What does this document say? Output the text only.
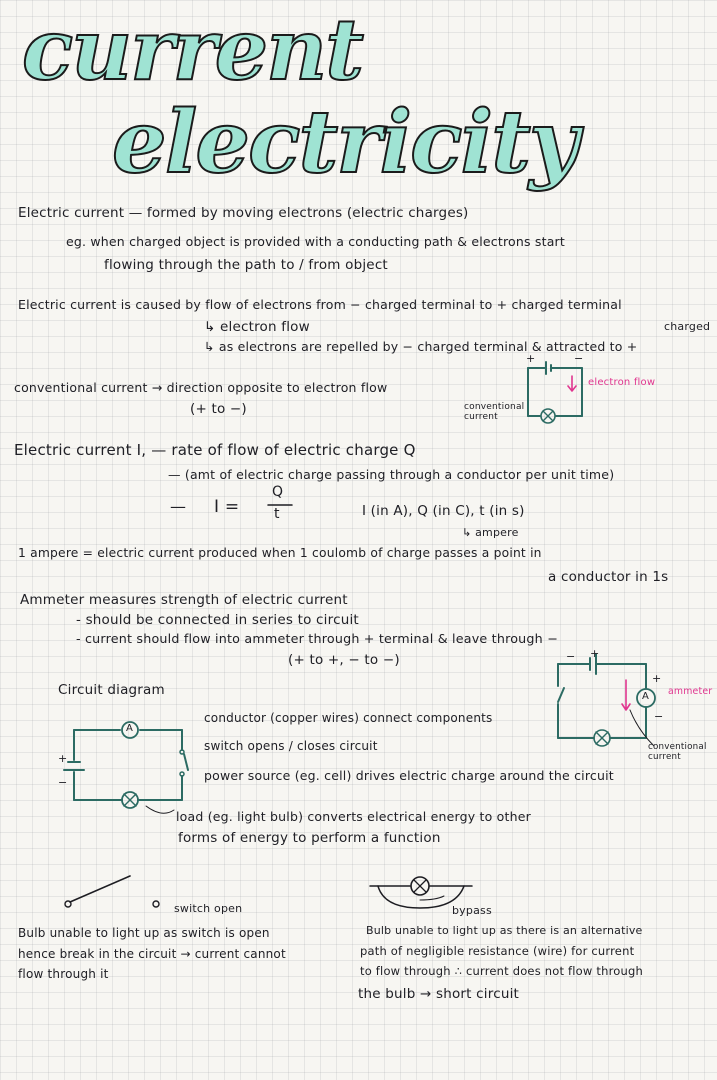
current
electricity
Electric current — formed by moving electrons (electric charges)
eg. when charged object is provided with a conducting path & electrons start
flowing through the path to / from object
Electric current is caused by flow of electrons from − charged terminal to + charged terminal
↳ electron flow
↳ as electrons are repelled by − charged terminal & attracted to +
charged
conventional current → direction opposite to electron flow
(+ to −)
Electric current I, — rate of flow of electric charge Q
— (amt of electric charge passing through a conductor per unit time)
— I =
Q
t	I (in A), Q (in C), t (in s)
↳ ampere
1 ampere = electric current produced when 1 coulomb of charge passes a point in
a conductor in 1s
Ammeter measures strength of electric current
- should be connected in series to circuit
- current should flow into ammeter through + terminal & leave through −
(+ to +, − to −)
Circuit diagram
conductor (copper wires) connect components
switch opens / closes circuit
power source (eg. cell) drives electric charge around the circuit
load (eg. light bulb) converts electrical energy to other
forms of energy to perform a function
switch open
Bulb unable to light up as switch is open
hence break in the circuit → current cannot
flow through it
bypass
Bulb unable to light up as there is an alternative
path of negligible resistance (wire) for current
to flow through ∴ current does not flow through
the bulb → short circuit
+	−
electron flow
conventional current
A
+
−
+
−
ammeter
conventional current
A
+
−
